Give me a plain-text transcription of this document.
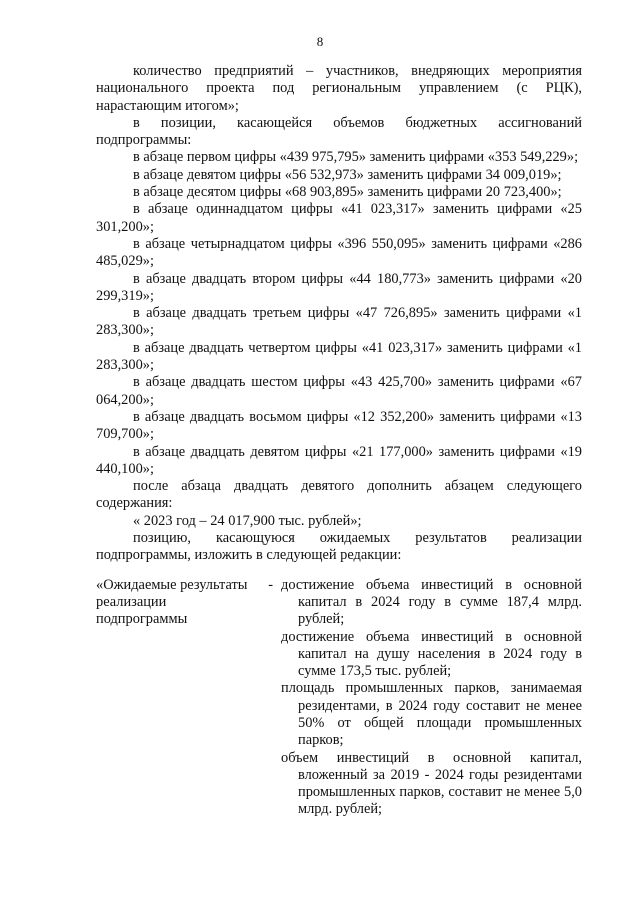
8

количество предприятий – участников, внедряющих мероприятия национального проекта под региональным управлением (с РЦК), нарастающим итогом»;

в позиции, касающейся объемов бюджетных ассигнований подпрограммы:

в абзаце первом цифры «439 975,795» заменить цифрами «353 549,229»;

в абзаце девятом цифры «56 532,973» заменить цифрами 34 009,019»;

в абзаце десятом цифры «68 903,895» заменить цифрами 20 723,400»;

в абзаце одиннадцатом цифры «41 023,317» заменить цифрами «25 301,200»;

в абзаце четырнадцатом цифры «396 550,095» заменить цифрами «286 485,029»;

в абзаце двадцать втором цифры «44 180,773» заменить цифрами «20 299,319»;

в абзаце двадцать третьем цифры «47 726,895» заменить цифрами «1 283,300»;

в абзаце двадцать четвертом цифры «41 023,317» заменить цифрами «1 283,300»;

в абзаце двадцать шестом цифры «43 425,700» заменить цифрами «67 064,200»;

в абзаце двадцать восьмом цифры «12 352,200» заменить цифрами «13 709,700»;

в абзаце двадцать девятом цифры «21 177,000» заменить цифрами «19 440,100»;

после абзаца двадцать девятого дополнить абзацем следующего содержания:

« 2023 год – 24 017,900 тыс. рублей»;

позицию, касающуюся ожидаемых результатов реализации подпрограммы, изложить в следующей редакции:

«Ожидаемые результаты реализации подпрограммы
- достижение объема инвестиций в основной капитал в 2024 году в сумме 187,4 млрд. рублей;

достижение объема инвестиций в основной капитал на душу населения в 2024 году в сумме 173,5 тыс. рублей;

площадь промышленных парков, занимаемая резидентами, в 2024 году составит не менее 50% от общей площади промышленных парков;

объем инвестиций в основной капитал, вложенный за 2019 - 2024 годы резидентами промышленных парков, составит не менее 5,0 млрд. рублей;
